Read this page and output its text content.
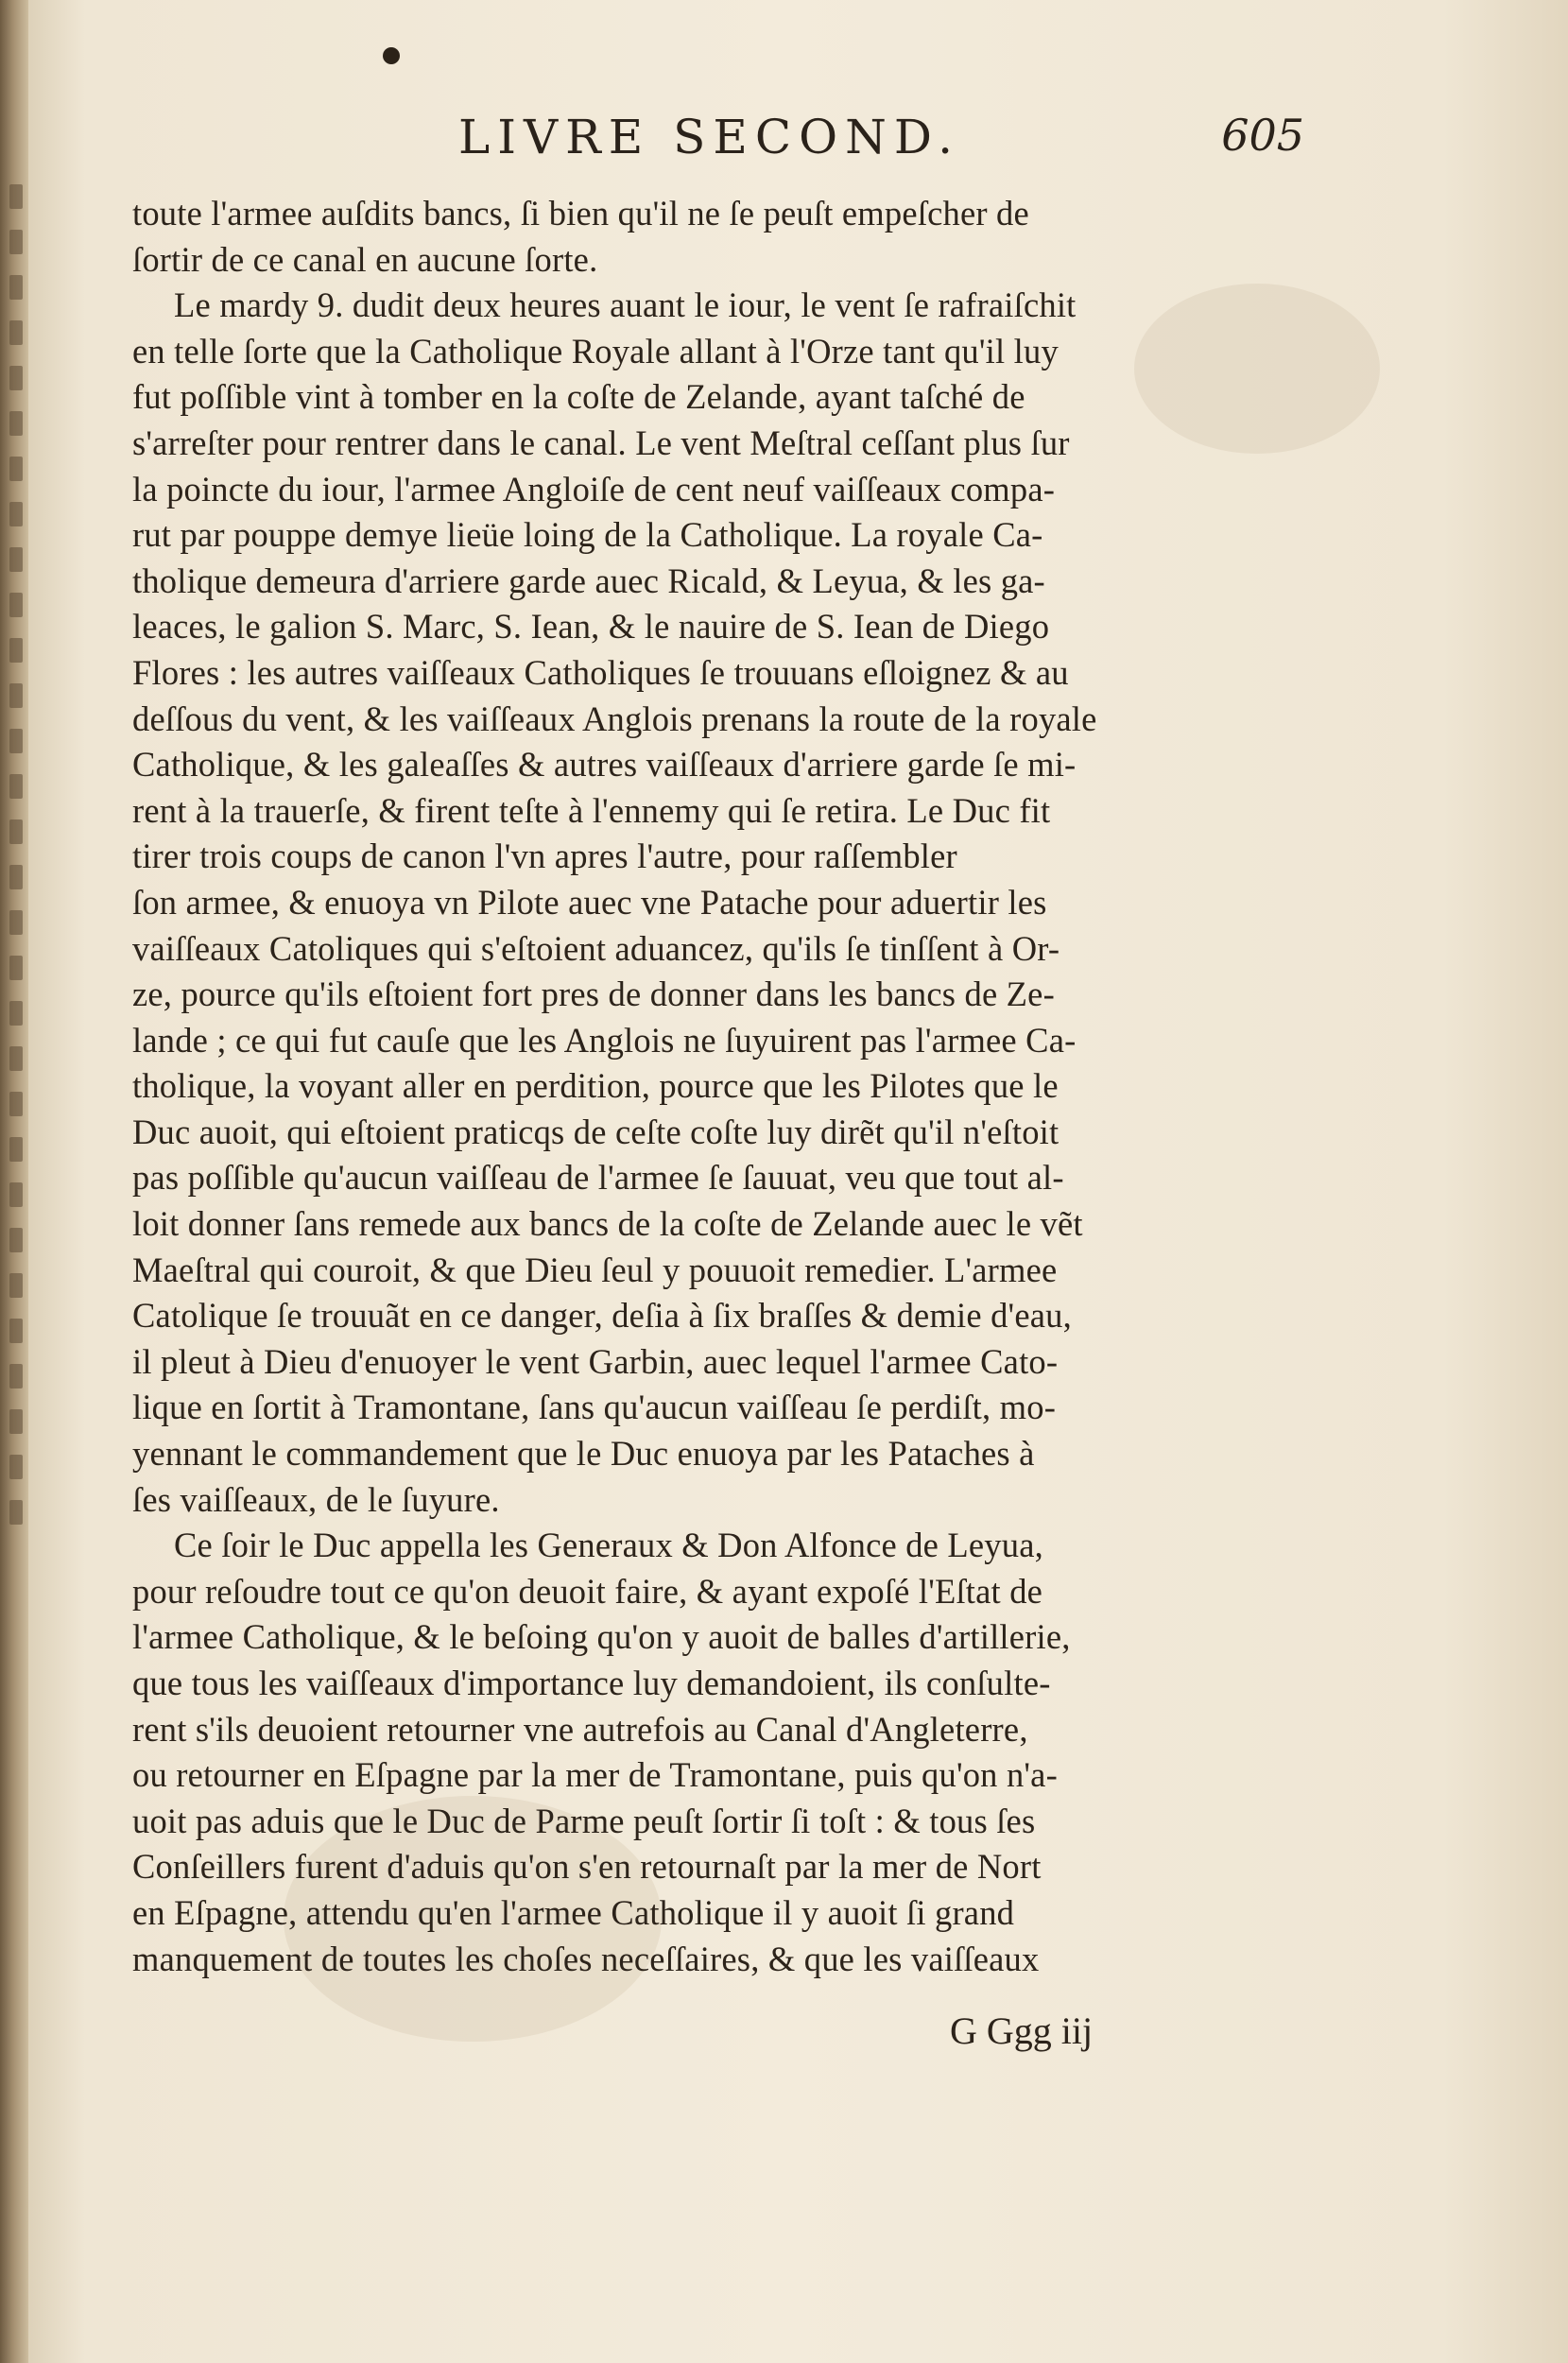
LIVRE SECOND.	605
toute l'armee auſdits bancs, ſi bien qu'il ne ſe peuſt empeſcher de
ſortir de ce canal en aucune ſorte.
Le mardy 9. dudit deux heures auant le iour, le vent ſe rafraiſchit
en telle ſorte que la Catholique Royale allant à l'Orze tant qu'il luy
fut poſſible vint à tomber en la coſte de Zelande, ayant taſché de
s'arreſter pour rentrer dans le canal. Le vent Meſtral ceſſant plus ſur
la poincte du iour, l'armee Angloiſe de cent neuf vaiſſeaux compa-
rut par pouppe demye lieüe loing de la Catholique. La royale Ca-
tholique demeura d'arriere garde auec Ricald, & Leyua, & les ga-
leaces, le galion S. Marc, S. Iean, & le nauire de S. Iean de Diego
Flores : les autres vaiſſeaux Catholiques ſe trouuans eſloignez & au
deſſous du vent, & les vaiſſeaux Anglois prenans la route de la royale
Catholique, & les galeaſſes & autres vaiſſeaux d'arriere garde ſe mi-
rent à la trauerſe, & firent teſte à l'ennemy qui ſe retira. Le Duc fit
tirer trois coups de canon l'vn apres l'autre, pour raſſembler
ſon armee, & enuoya vn Pilote auec vne Patache pour aduertir les
vaiſſeaux Catoliques qui s'eſtoient aduancez, qu'ils ſe tinſſent à Or-
ze, pource qu'ils eſtoient fort pres de donner dans les bancs de Ze-
lande ; ce qui fut cauſe que les Anglois ne ſuyuirent pas l'armee Ca-
tholique, la voyant aller en perdition, pource que les Pilotes que le
Duc auoit, qui eſtoient praticqs de ceſte coſte luy dirẽt qu'il n'eſtoit
pas poſſible qu'aucun vaiſſeau de l'armee ſe ſauuat, veu que tout al-
loit donner ſans remede aux bancs de la coſte de Zelande auec le vẽt
Maeſtral qui couroit, & que Dieu ſeul y pouuoit remedier. L'armee
Catolique ſe trouuãt en ce danger, deſia à ſix braſſes & demie d'eau,
il pleut à Dieu d'enuoyer le vent Garbin, auec lequel l'armee Cato-
lique en ſortit à Tramontane, ſans qu'aucun vaiſſeau ſe perdiſt, mo-
yennant le commandement que le Duc enuoya par les Pataches à
ſes vaiſſeaux, de le ſuyure.
Ce ſoir le Duc appella les Generaux & Don Alfonce de Leyua,
pour reſoudre tout ce qu'on deuoit faire, & ayant expoſé l'Eſtat de
l'armee Catholique, & le beſoing qu'on y auoit de balles d'artillerie,
que tous les vaiſſeaux d'importance luy demandoient, ils conſulte-
rent s'ils deuoient retourner vne autrefois au Canal d'Angleterre,
ou retourner en Eſpagne par la mer de Tramontane, puis qu'on n'a-
uoit pas aduis que le Duc de Parme peuſt ſortir ſi toſt : & tous ſes
Conſeillers furent d'aduis qu'on s'en retournaſt par la mer de Nort
en Eſpagne, attendu qu'en l'armee Catholique il y auoit ſi grand
manquement de toutes les choſes neceſſaires, & que les vaiſſeaux
G Ggg iij
